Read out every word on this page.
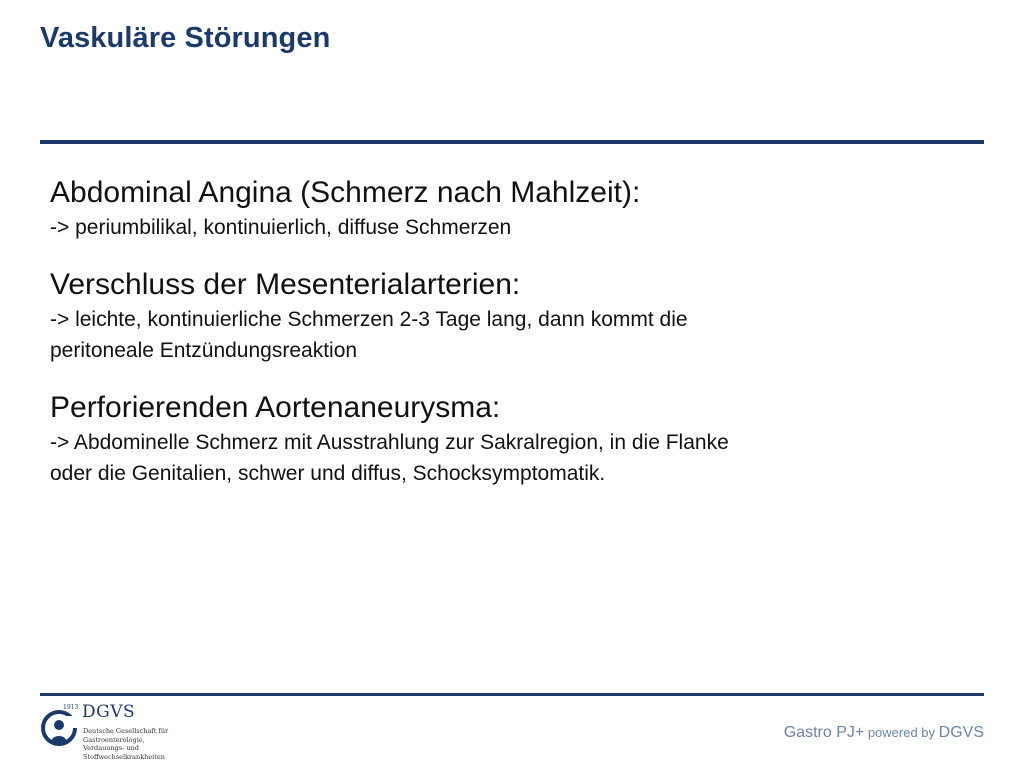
Vaskuläre Störungen

Abdominal Angina (Schmerz nach Mahlzeit):

-> periumbilikal, kontinuierlich, diffuse Schmerzen

Verschluss der Mesenterialarterien:

-> leichte, kontinuierliche Schmerzen 2-3 Tage lang, dann kommt die

peritoneale Entzündungsreaktion

Perforierenden Aortenaneurysma:

-> Abdominelle Schmerz mit Ausstrahlung zur Sakralregion, in die Flanke

oder die Genitalien, schwer und diffus, Schocksymptomatik.

1913 DGVS
Deutsche Gesellschaft für
Gastroenterologie,
Verdauungs- und
Stoffwechselkrankheiten
Gastro PJ+ powered by DGVS
